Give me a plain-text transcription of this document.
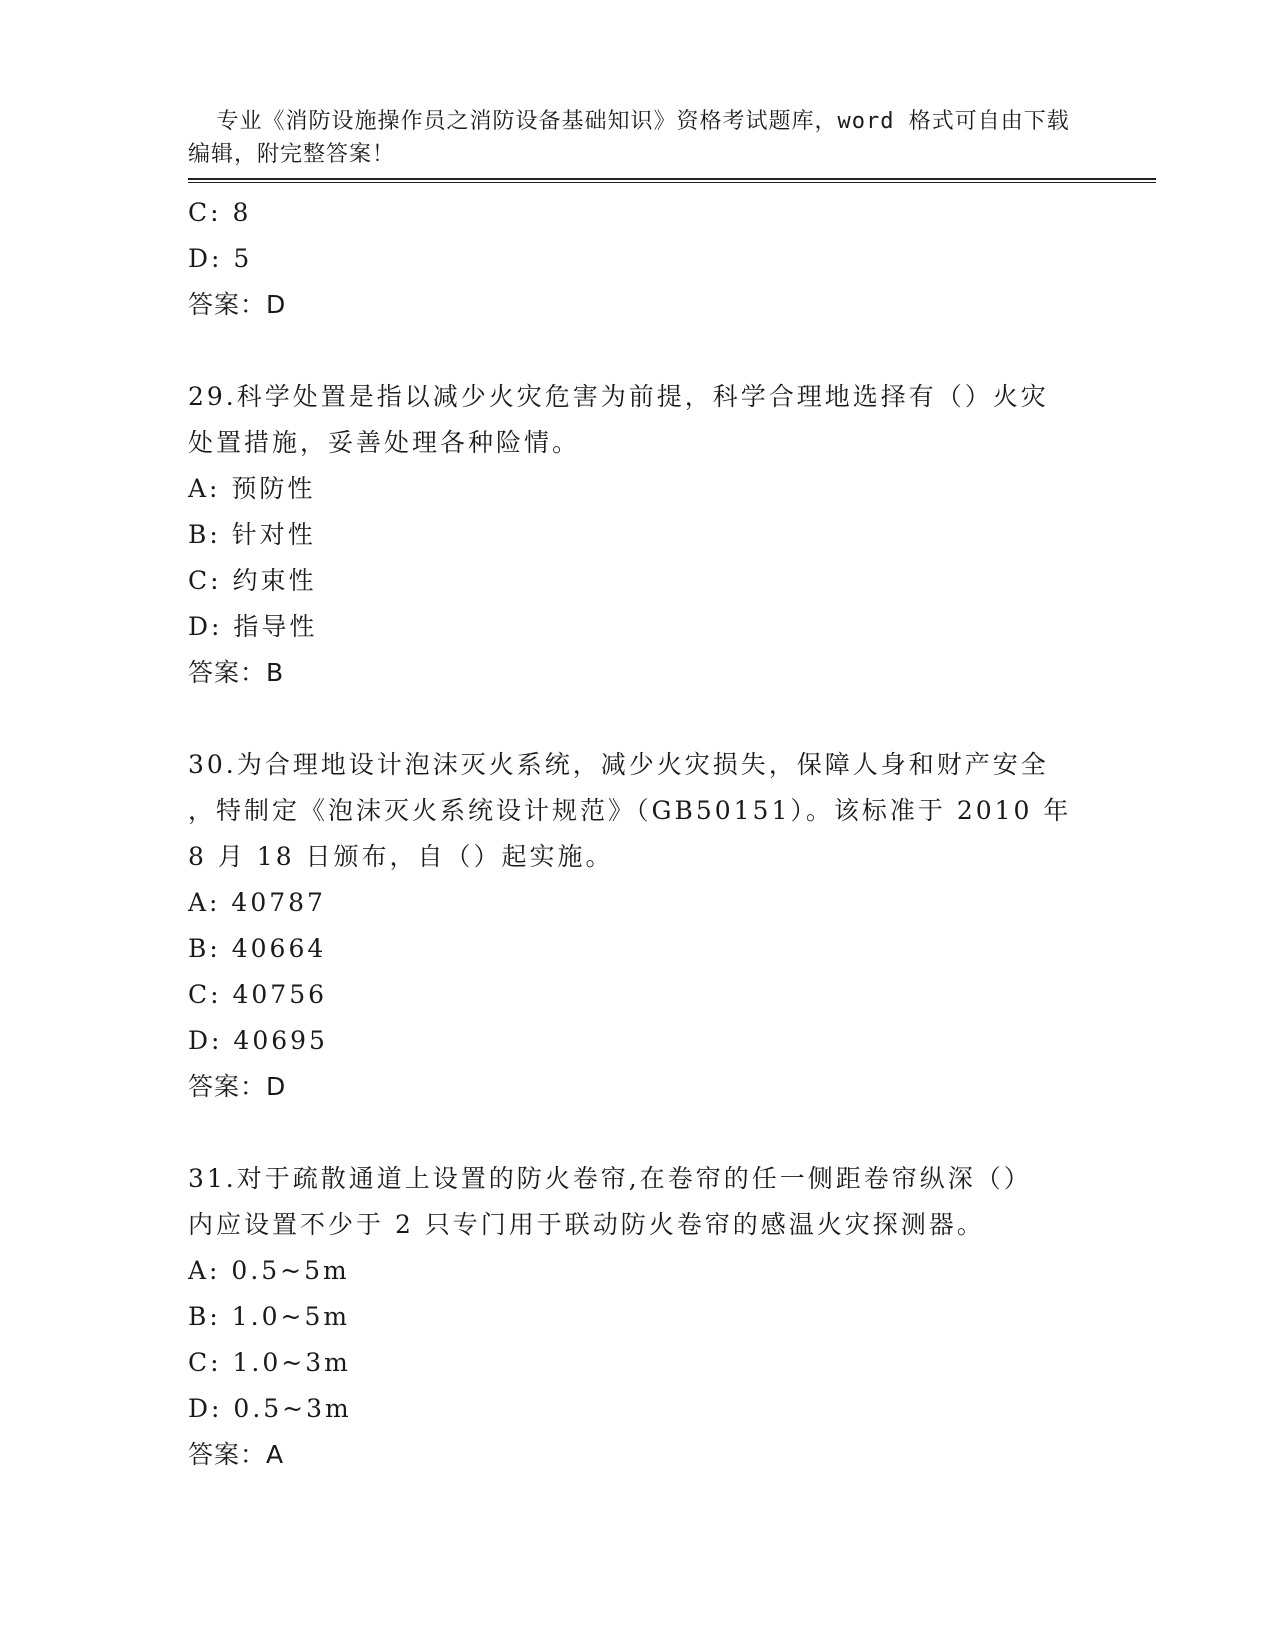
专业《消防设施操作员之消防设备基础知识》资格考试题库，word 格式可自由下载编辑，附完整答案！

C: 8
D: 5
答案：D
29.科学处置是指以减少火灾危害为前提，科学合理地选择有（）火灾
处置措施，妥善处理各种险情。
A: 预防性
B: 针对性
C: 约束性
D: 指导性
答案：B
30.为合理地设计泡沫灭火系统，减少火灾损失，保障人身和财产安全
，特制定《泡沫灭火系统设计规范》（GB50151）。该标准于 2010 年
8 月 18 日颁布，自（）起实施。
A: 40787
B: 40664
C: 40756
D: 40695
答案：D
31.对于疏散通道上设置的防火卷帘,在卷帘的任一侧距卷帘纵深（）
内应设置不少于 2 只专门用于联动防火卷帘的感温火灾探测器。
A: 0.5~5m
B: 1.0~5m
C: 1.0~3m
D: 0.5~3m
答案：A
